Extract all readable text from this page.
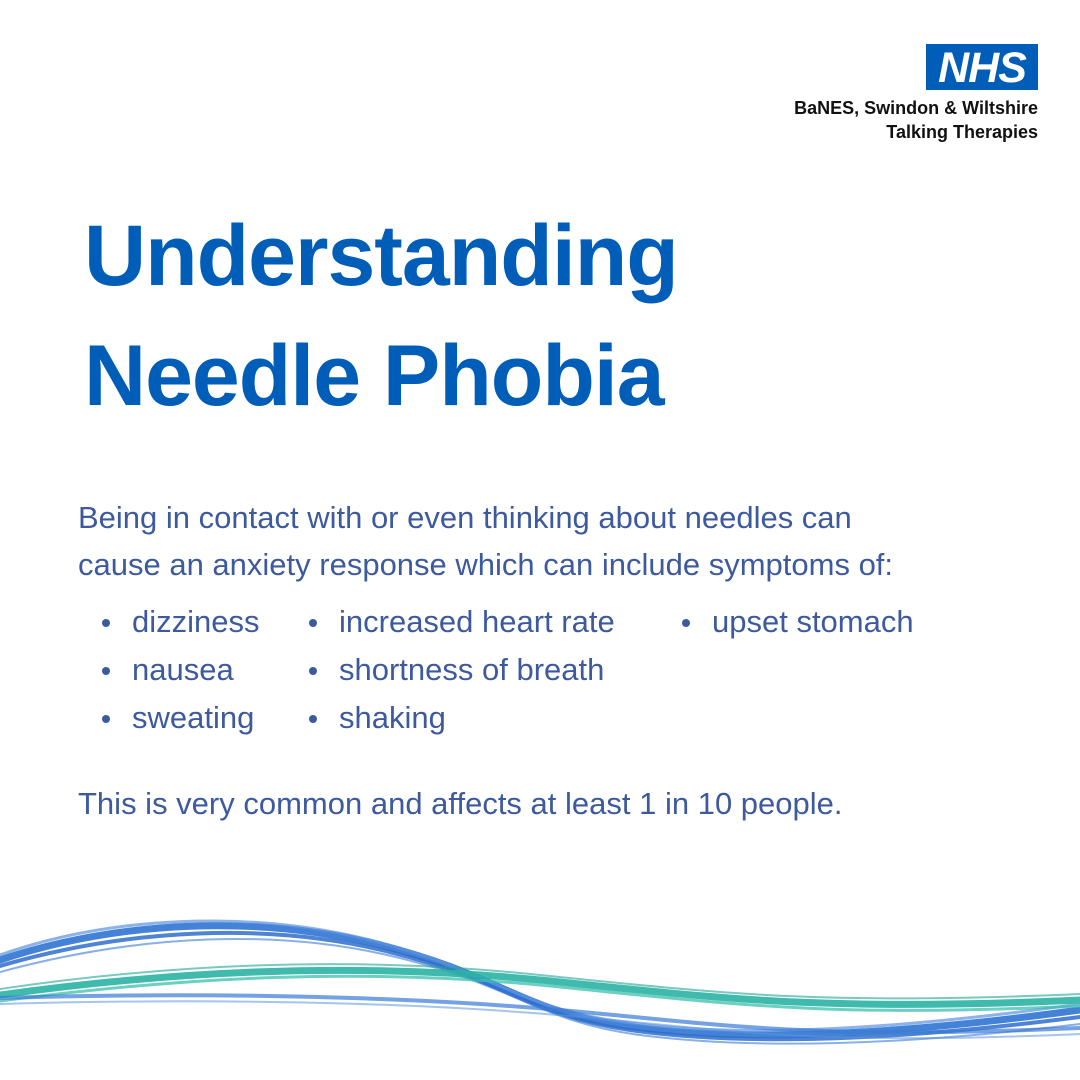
NHS
BaNES, Swindon & Wiltshire
Talking Therapies
Understanding
Needle Phobia

Being in contact with or even thinking about needles can
cause an anxiety response which can include symptoms of:

dizziness
nausea
sweating
increased heart rate
shortness of breath
shaking
upset stomach

This is very common and affects at least 1 in 10 people.
